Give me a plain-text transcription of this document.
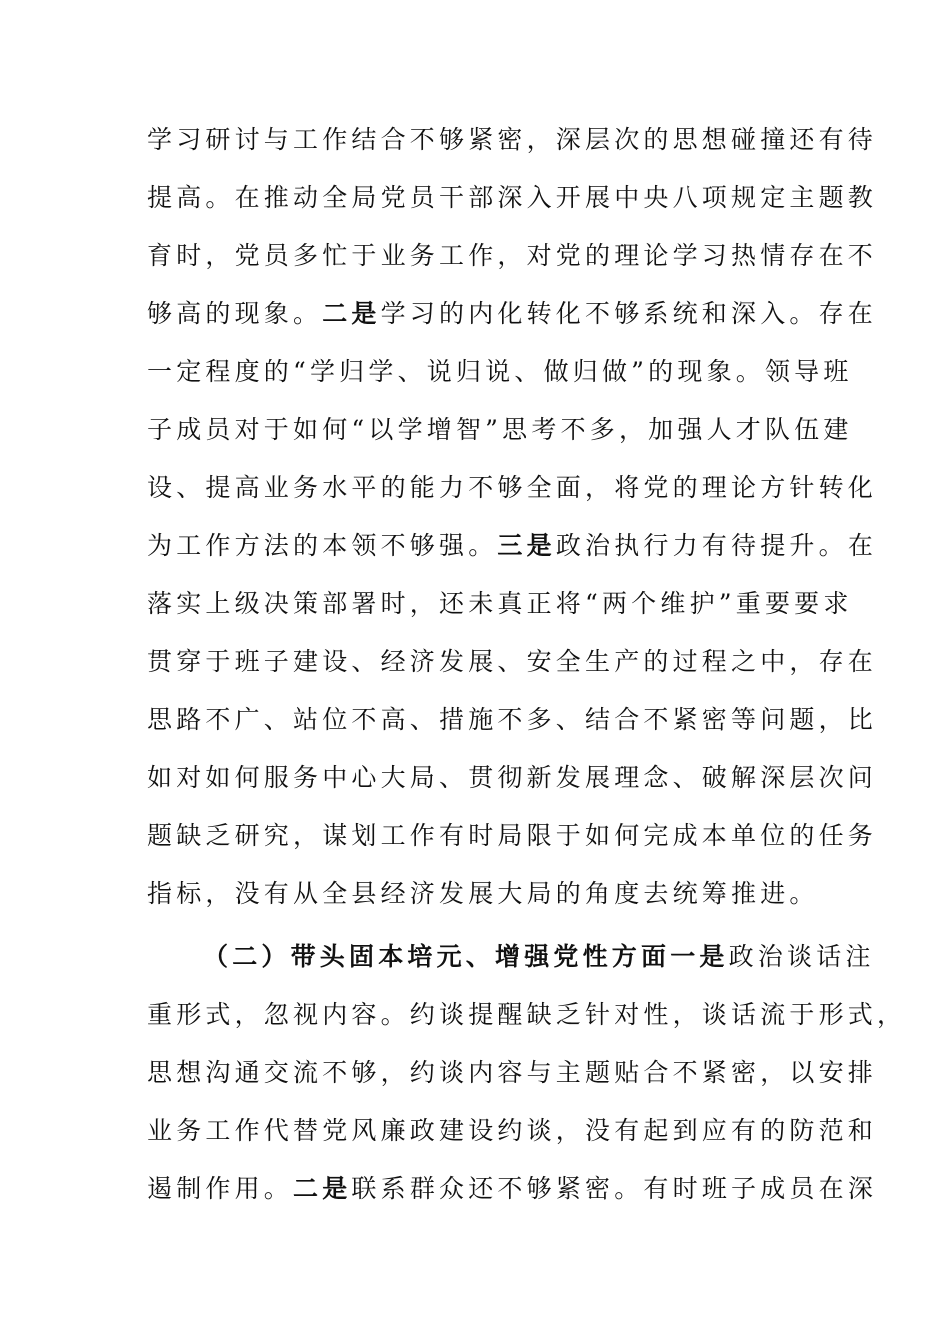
学习研讨与工作结合不够紧密，深层次的思想碰撞还有待

提高。在推动全局党员干部深入开展中央八项规定主题教

育时，党员多忙于业务工作，对党的理论学习热情存在不

够高的现象。二是学习的内化转化不够系统和深入。存在

一定程度的“学归学、说归说、做归做”的现象。领导班

子成员对于如何“以学增智”思考不多，加强人才队伍建

设、提高业务水平的能力不够全面，将党的理论方针转化

为工作方法的本领不够强。三是政治执行力有待提升。在

落实上级决策部署时，还未真正将“两个维护”重要要求

贯穿于班子建设、经济发展、安全生产的过程之中，存在

思路不广、站位不高、措施不多、结合不紧密等问题，比

如对如何服务中心大局、贯彻新发展理念、破解深层次问

题缺乏研究，谋划工作有时局限于如何完成本单位的任务

指标，没有从全县经济发展大局的角度去统筹推进。

（二）带头固本培元、增强党性方面一是政治谈话注

重形式，忽视内容。约谈提醒缺乏针对性，谈话流于形式，

思想沟通交流不够，约谈内容与主题贴合不紧密，以安排

业务工作代替党风廉政建设约谈，没有起到应有的防范和

遏制作用。二是联系群众还不够紧密。有时班子成员在深
